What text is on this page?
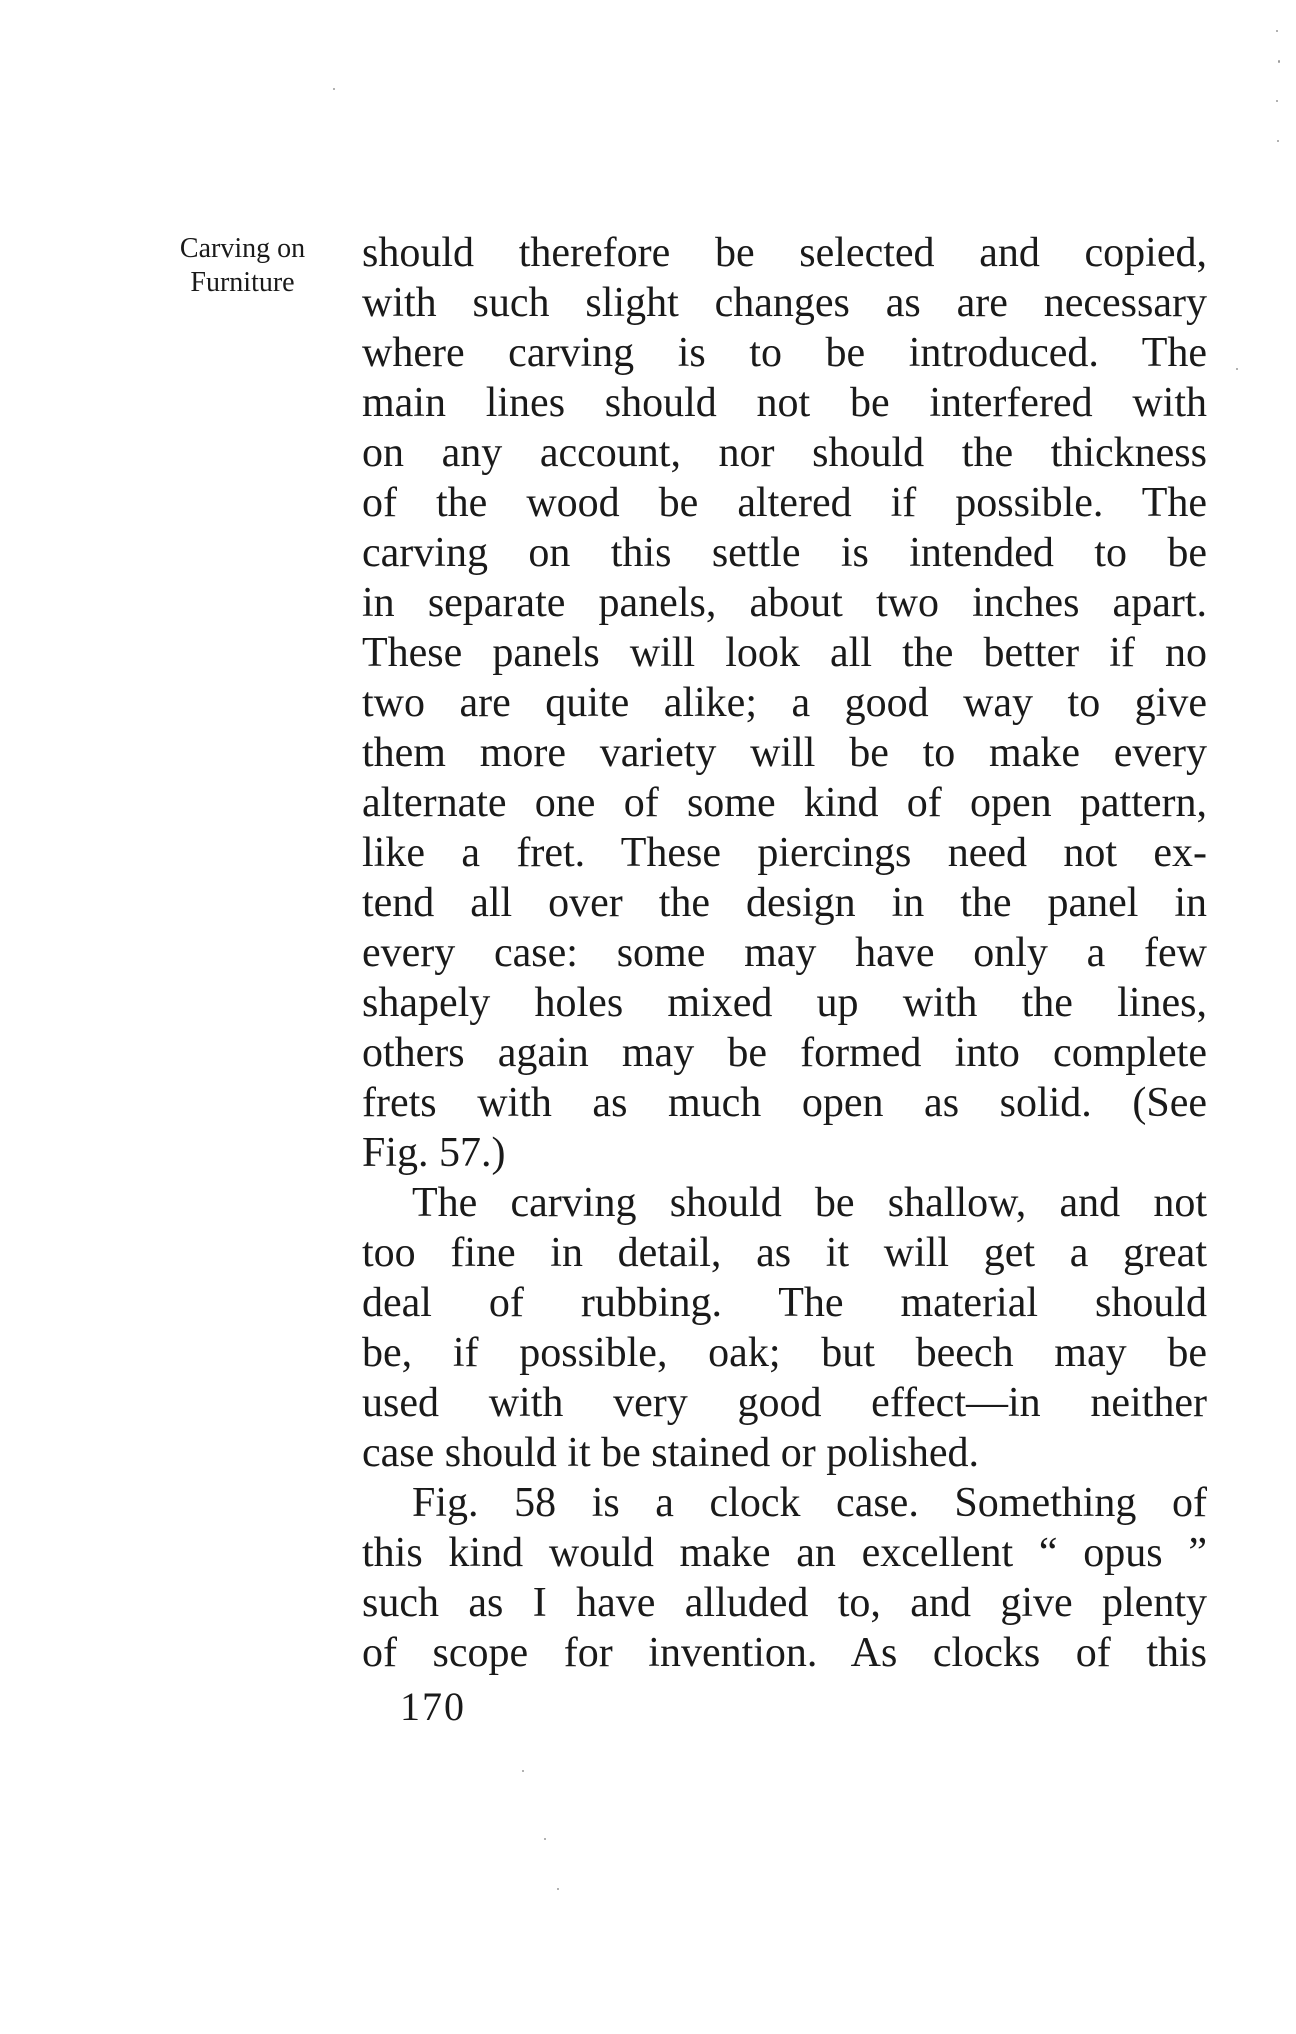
Carving on
Furniture
should therefore be selected and copied,
with such slight changes as are necessary
where carving is to be introduced. The
main lines should not be interfered with
on any account, nor should the thickness
of the wood be altered if possible. The
carving on this settle is intended to be
in separate panels, about two inches apart.
These panels will look all the better if no
two are quite alike; a good way to give
them more variety will be to make every
alternate one of some kind of open pattern,
like a fret. These piercings need not ex-
tend all over the design in the panel in
every case: some may have only a few
shapely holes mixed up with the lines,
others again may be formed into complete
frets with as much open as solid. (See
Fig. 57.)
The carving should be shallow, and not
too fine in detail, as it will get a great
deal of rubbing. The material should
be, if possible, oak; but beech may be
used with very good effect—in neither
case should it be stained or polished.
Fig. 58 is a clock case. Something of
this kind would make an excellent “ opus ”
such as I have alluded to, and give plenty
of scope for invention. As clocks of this
170
